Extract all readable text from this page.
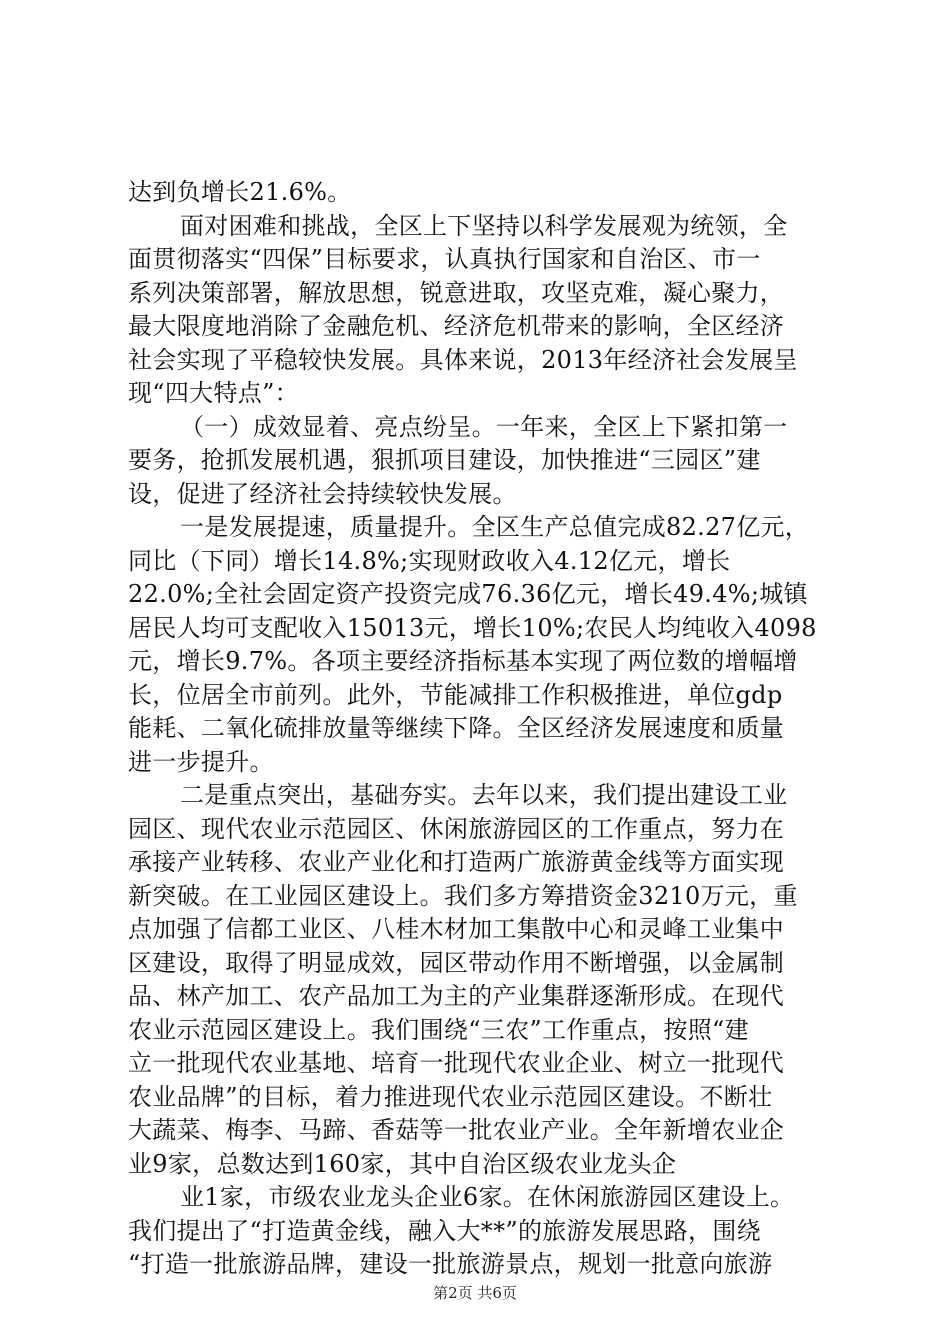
达到负增长21.6%。
面对困难和挑战，全区上下坚持以科学发展观为统领，全
面贯彻落实“四保”目标要求，认真执行国家和自治区、市一
系列决策部署，解放思想，锐意进取，攻坚克难，凝心聚力，
最大限度地消除了金融危机、经济危机带来的影响，全区经济
社会实现了平稳较快发展。具体来说，2013年经济社会发展呈
现“四大特点”：
（一）成效显着、亮点纷呈。一年来，全区上下紧扣第一
要务，抢抓发展机遇，狠抓项目建设，加快推进“三园区”建
设，促进了经济社会持续较快发展。
一是发展提速，质量提升。全区生产总值完成82.27亿元，
同比（下同）增长14.8%;实现财政收入4.12亿元，增长
22.0%;全社会固定资产投资完成76.36亿元，增长49.4%;城镇
居民人均可支配收入15013元，增长10%;农民人均纯收入4098
元，增长9.7%。各项主要经济指标基本实现了两位数的增幅增
长，位居全市前列。此外，节能减排工作积极推进，单位gdp
能耗、二氧化硫排放量等继续下降。全区经济发展速度和质量
进一步提升。
二是重点突出，基础夯实。去年以来，我们提出建设工业
园区、现代农业示范园区、休闲旅游园区的工作重点，努力在
承接产业转移、农业产业化和打造两广旅游黄金线等方面实现
新突破。在工业园区建设上。我们多方筹措资金3210万元，重
点加强了信都工业区、八桂木材加工集散中心和灵峰工业集中
区建设，取得了明显成效，园区带动作用不断增强，以金属制
品、林产加工、农产品加工为主的产业集群逐渐形成。在现代
农业示范园区建设上。我们围绕“三农”工作重点，按照“建
立一批现代农业基地、培育一批现代农业企业、树立一批现代
农业品牌”的目标，着力推进现代农业示范园区建设。不断壮
大蔬菜、梅李、马蹄、香菇等一批农业产业。全年新增农业企
业9家，总数达到160家，其中自治区级农业龙头企
业1家，市级农业龙头企业6家。在休闲旅游园区建设上。
我们提出了“打造黄金线，融入大**”的旅游发展思路，围绕
“打造一批旅游品牌，建设一批旅游景点，规划一批意向旅游
第2页 共6页
